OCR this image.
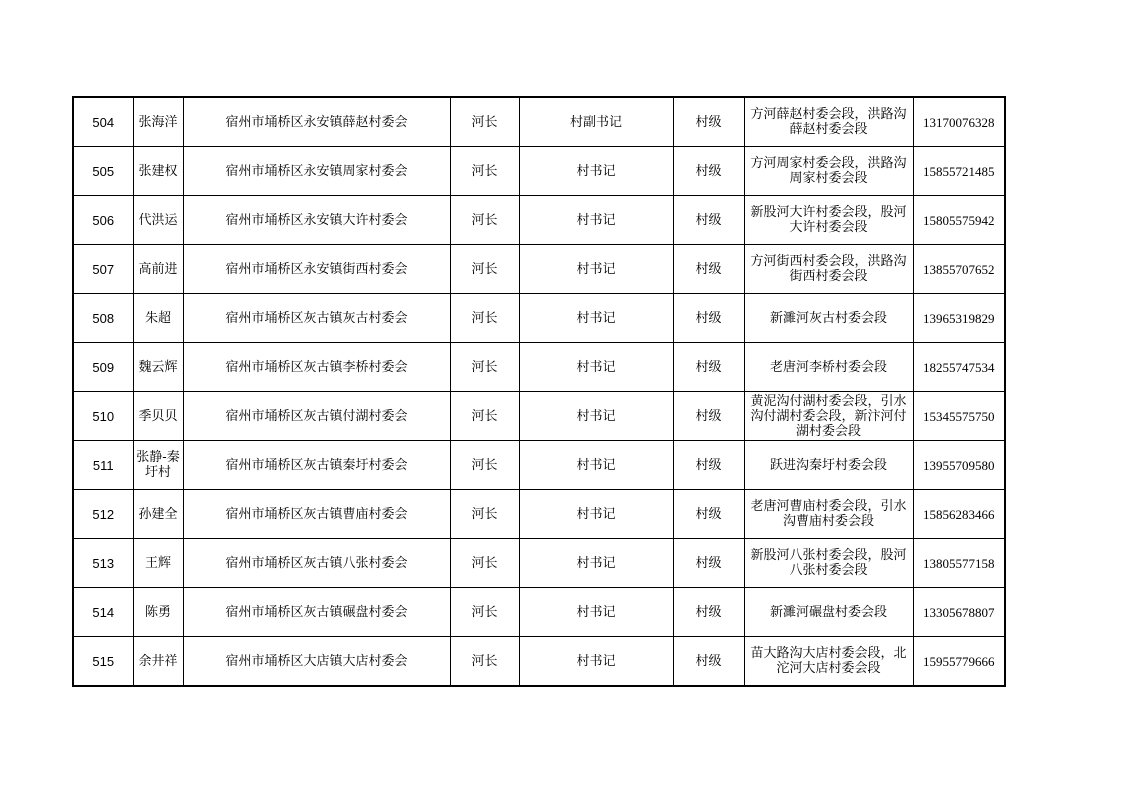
504	张海洋	宿州市埇桥区永安镇薛赵村委会	河长	村副书记	村级	方河薛赵村委会段，洪路沟薛赵村委会段	13170076328
505	张建权	宿州市埇桥区永安镇周家村委会	河长	村书记	村级	方河周家村委会段，洪路沟周家村委会段	15855721485
506	代洪运	宿州市埇桥区永安镇大许村委会	河长	村书记	村级	新股河大许村委会段，股河大许村委会段	15805575942
507	高前进	宿州市埇桥区永安镇街西村委会	河长	村书记	村级	方河街西村委会段，洪路沟街西村委会段	13855707652
508	朱超	宿州市埇桥区灰古镇灰古村委会	河长	村书记	村级	新濉河灰古村委会段	13965319829
509	魏云辉	宿州市埇桥区灰古镇李桥村委会	河长	村书记	村级	老唐河李桥村委会段	18255747534
510	季贝贝	宿州市埇桥区灰古镇付湖村委会	河长	村书记	村级	黄泥沟付湖村委会段，引水沟付湖村委会段，新汴河付湖村委会段	15345575750
511	张静-秦圩村	宿州市埇桥区灰古镇秦圩村委会	河长	村书记	村级	跃进沟秦圩村委会段	13955709580
512	孙建全	宿州市埇桥区灰古镇曹庙村委会	河长	村书记	村级	老唐河曹庙村委会段，引水沟曹庙村委会段	15856283466
513	王辉	宿州市埇桥区灰古镇八张村委会	河长	村书记	村级	新股河八张村委会段，股河八张村委会段	13805577158
514	陈勇	宿州市埇桥区灰古镇碾盘村委会	河长	村书记	村级	新濉河碾盘村委会段	13305678807
515	余井祥	宿州市埇桥区大店镇大店村委会	河长	村书记	村级	苗大路沟大店村委会段，北沱河大店村委会段	15955779666
